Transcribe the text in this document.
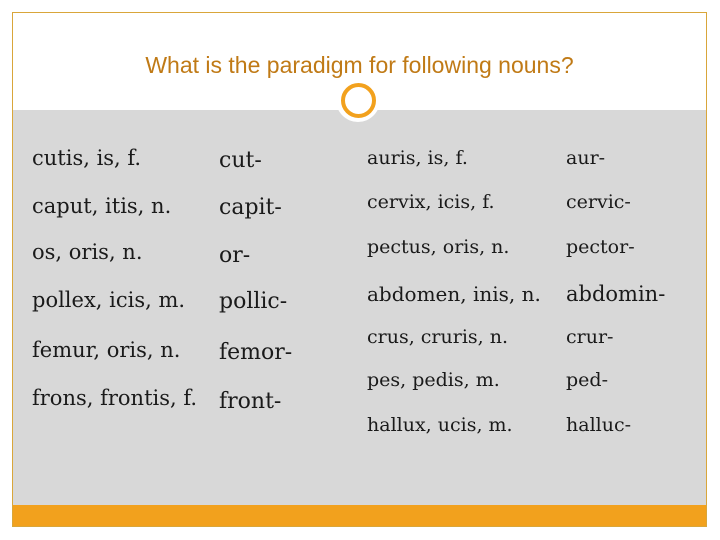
What is the paradigm for following nouns?
cutis, is, f.	cut-
caput, itis, n. capit-
os, oris, n.	or-
pollex, icis, m. pollic-
femur, oris, n. femor-
frons, frontis, f. front-
auris, is, f.	aur-
cervix, icis, f.	cervic-
pectus, oris, n.	pector-
abdomen, inis, n. abdomin-
crus, cruris, n.	crur-
pes, pedis, m.	ped-
hallux, ucis, m.	halluc-
